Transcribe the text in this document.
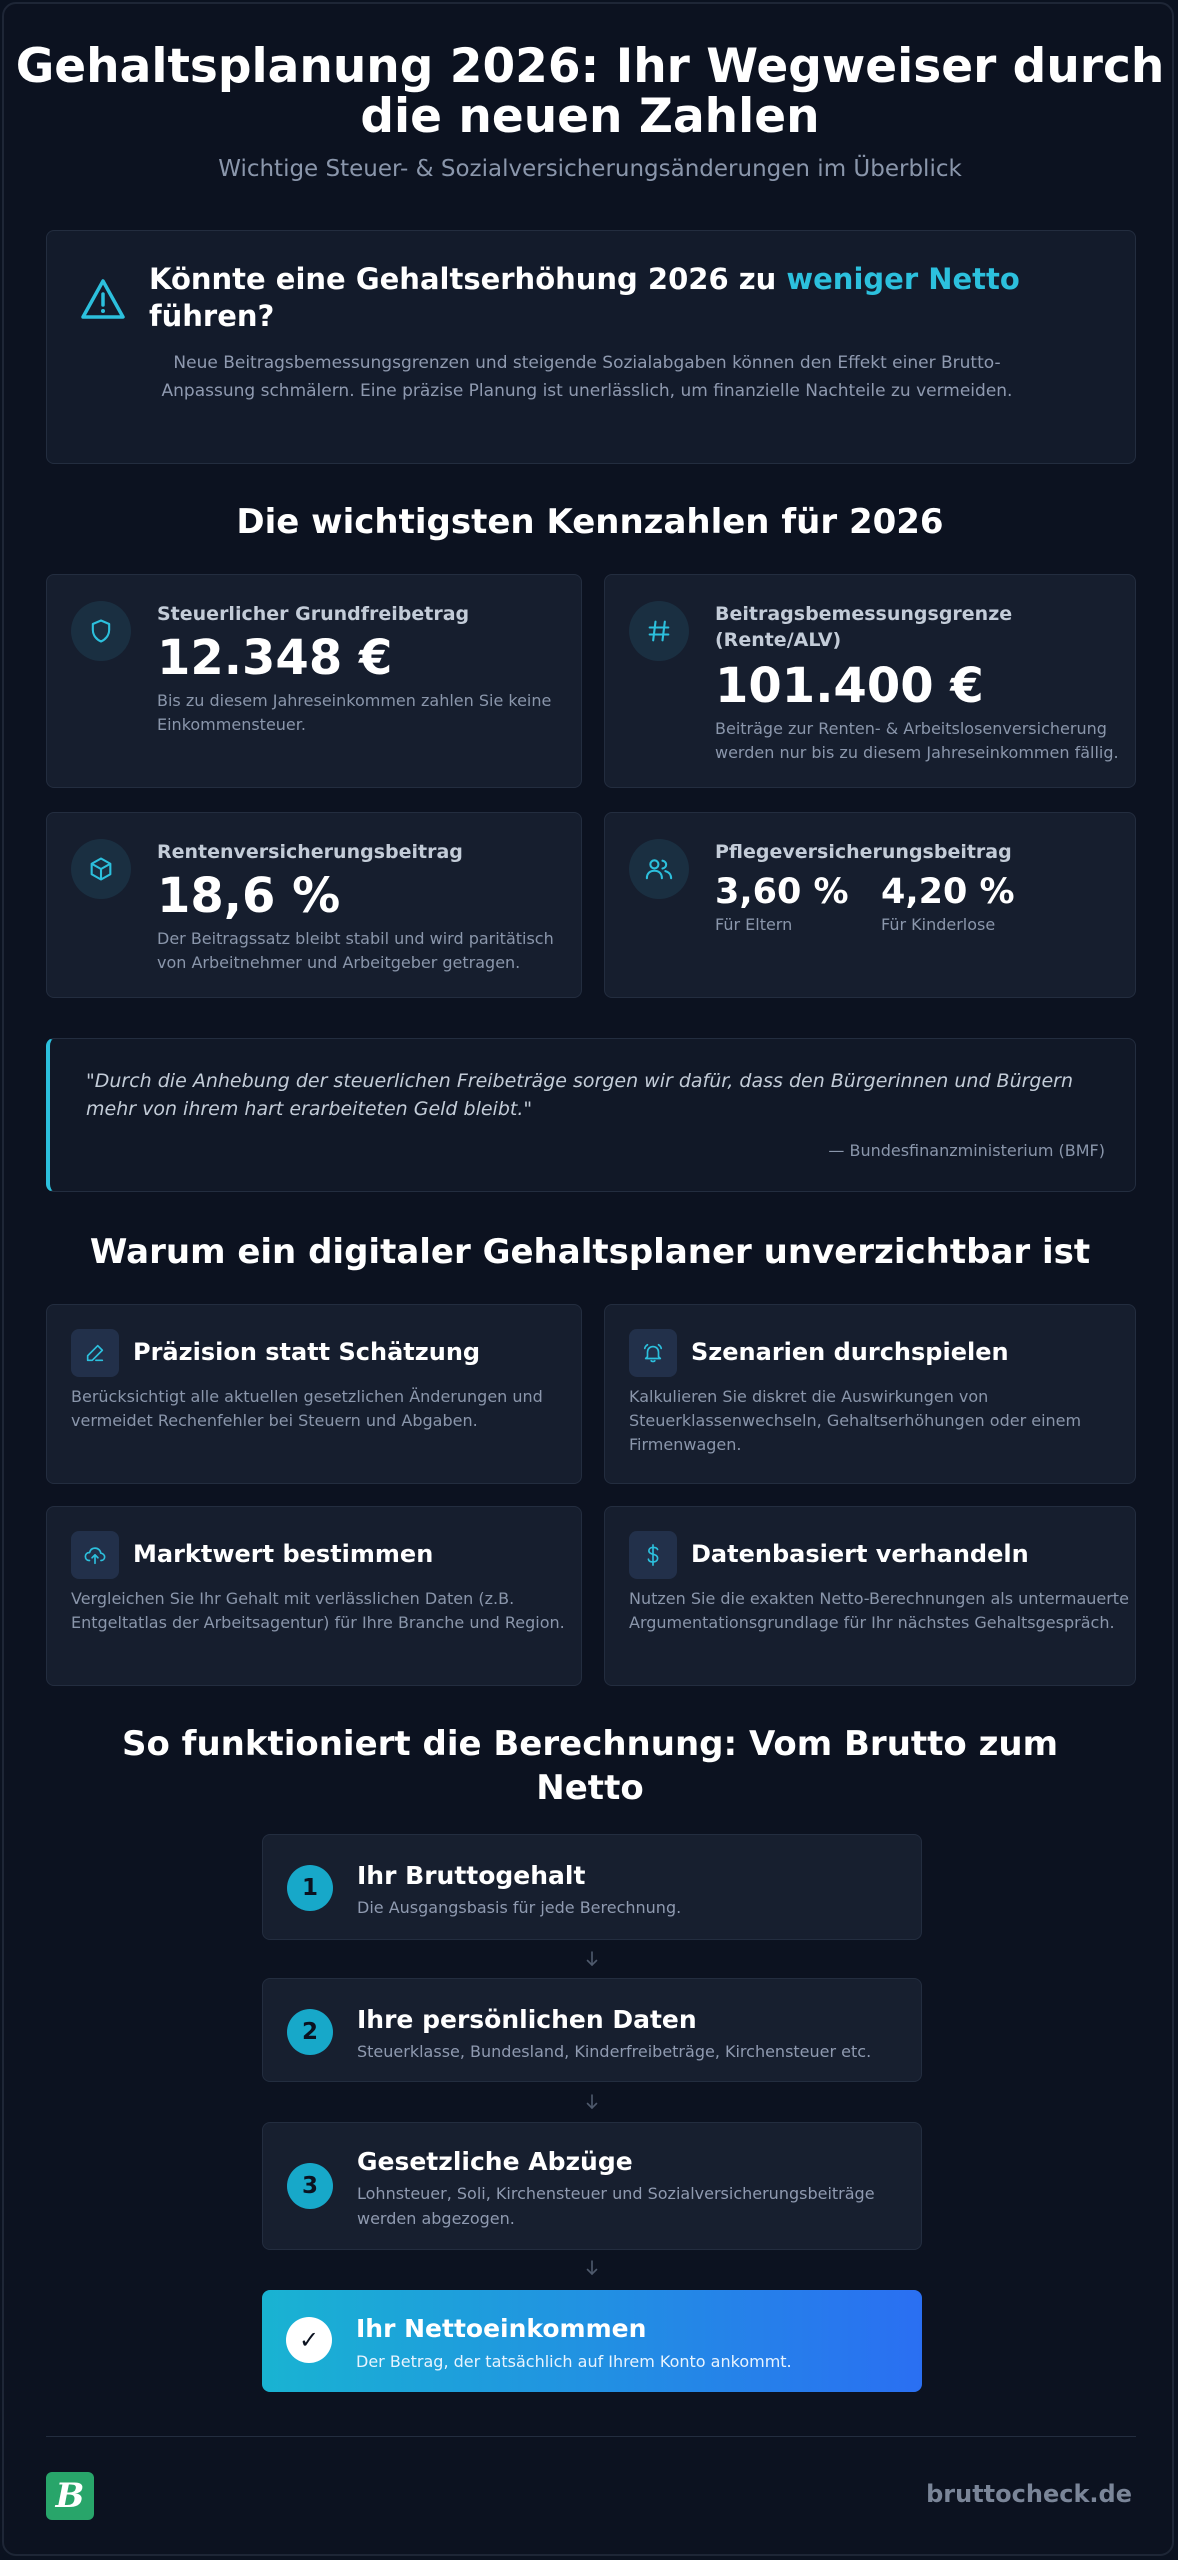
Gehaltsplanung 2026: Ihr Wegweiser durch die neuen Zahlen
Wichtige Steuer- & Sozialversicherungsänderungen im Überblick
Könnte eine Gehaltserhöhung 2026 zu weniger Netto führen?
Neue Beitragsbemessungsgrenzen und steigende Sozialabgaben können den Effekt einer Brutto-Anpassung schmälern. Eine präzise Planung ist unerlässlich, um finanzielle Nachteile zu vermeiden.
Die wichtigsten Kennzahlen für 2026
Steuerlicher Grundfreibetrag
12.348 €
Bis zu diesem Jahreseinkommen zahlen Sie keine Einkommensteuer.
Beitragsbemessungsgrenze (Rente/ALV)
101.400 €
Beiträge zur Renten- & Arbeitslosenversicherung werden nur bis zu diesem Jahreseinkommen fällig.
Rentenversicherungsbeitrag
18,6 %
Der Beitragssatz bleibt stabil und wird paritätisch von Arbeitnehmer und Arbeitgeber getragen.
Pflegeversicherungsbeitrag
3,60 %
Für Eltern
4,20 %
Für Kinderlose
"Durch die Anhebung der steuerlichen Freibeträge sorgen wir dafür, dass den Bürgerinnen und Bürgern mehr von ihrem hart erarbeiteten Geld bleibt."
— Bundesfinanzministerium (BMF)
Warum ein digitaler Gehaltsplaner unverzichtbar ist
Präzision statt Schätzung
Berücksichtigt alle aktuellen gesetzlichen Änderungen und vermeidet Rechenfehler bei Steuern und Abgaben.
Szenarien durchspielen
Kalkulieren Sie diskret die Auswirkungen von Steuerklassenwechseln, Gehaltserhöhungen oder einem Firmenwagen.
Marktwert bestimmen
Vergleichen Sie Ihr Gehalt mit verlässlichen Daten (z.B. Entgeltatlas der Arbeitsagentur) für Ihre Branche und Region.
Datenbasiert verhandeln
Nutzen Sie die exakten Netto-Berechnungen als untermauerte Argumentationsgrundlage für Ihr nächstes Gehaltsgespräch.
So funktioniert die Berechnung: Vom Brutto zum Netto
1	Ihr Bruttogehalt
Die Ausgangsbasis für jede Berechnung.
2	Ihre persönlichen Daten
Steuerklasse, Bundesland, Kinderfreibeträge, Kirchensteuer etc.
3
Gesetzliche Abzüge
Lohnsteuer, Soli, Kirchensteuer und Sozialversicherungsbeiträge werden abgezogen.
✓	Ihr Nettoeinkommen
Der Betrag, der tatsächlich auf Ihrem Konto ankommt.
B	bruttocheck.de
